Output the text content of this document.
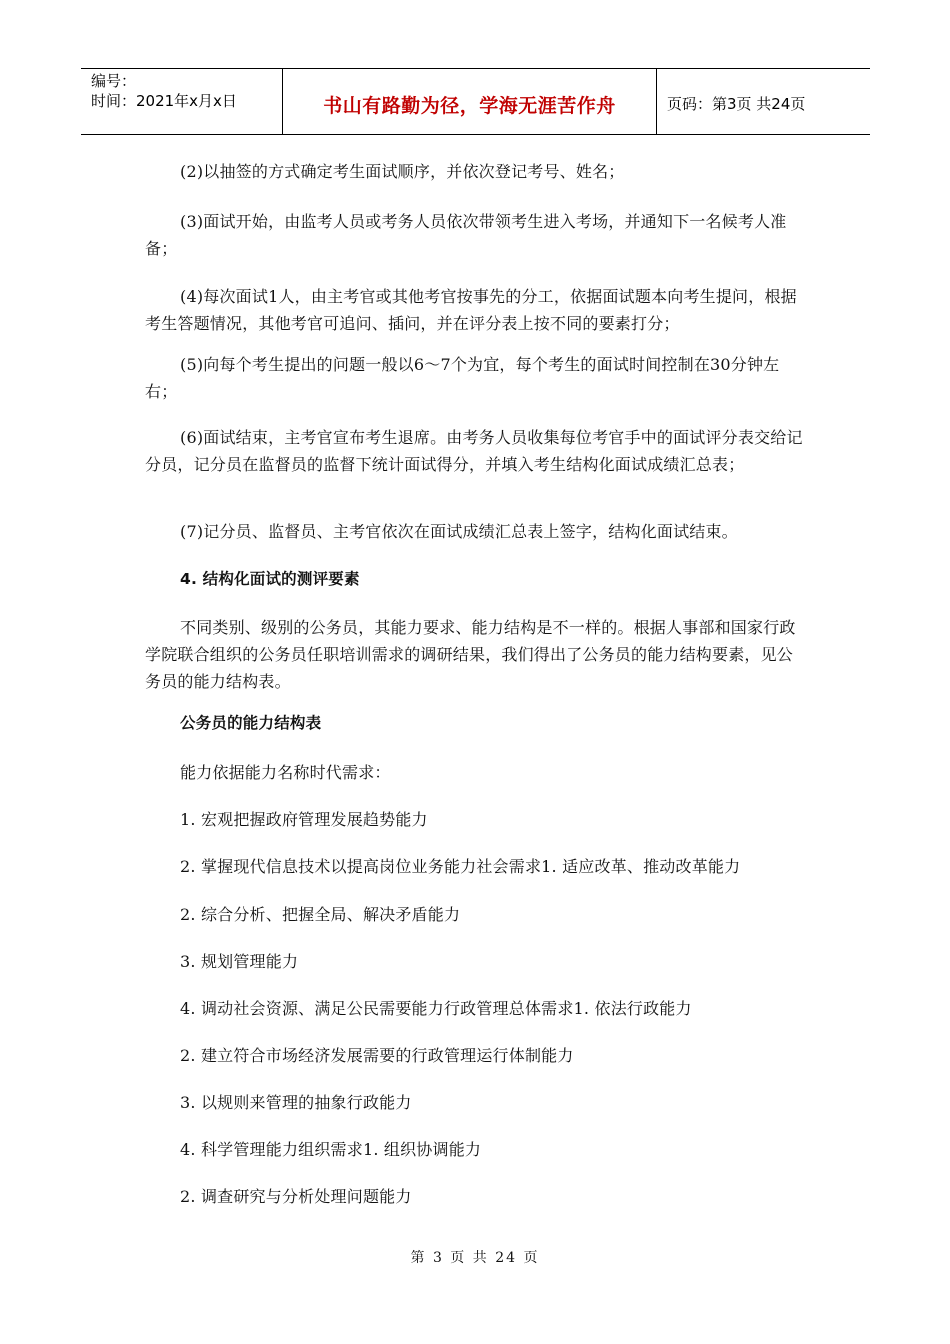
编号：
时间：2021年x月x日	书山有路勤为径，学海无涯苦作舟	页码：第3页 共24页
(2)以抽签的方式确定考生面试顺序，并依次登记考号、姓名；
(3)面试开始，由监考人员或考务人员依次带领考生进入考场，并通知下一名候考人准备；
(4)每次面试1人，由主考官或其他考官按事先的分工，依据面试题本向考生提问，根据考生答题情况，其他考官可追问、插问，并在评分表上按不同的要素打分；
(5)向每个考生提出的问题一般以6～7个为宜，每个考生的面试时间控制在30分钟左右；
(6)面试结束，主考官宣布考生退席。由考务人员收集每位考官手中的面试评分表交给记分员，记分员在监督员的监督下统计面试得分，并填入考生结构化面试成绩汇总表；
(7)记分员、监督员、主考官依次在面试成绩汇总表上签字，结构化面试结束。
4. 结构化面试的测评要素
不同类别、级别的公务员，其能力要求、能力结构是不一样的。根据人事部和国家行政学院联合组织的公务员任职培训需求的调研结果，我们得出了公务员的能力结构要素，见公务员的能力结构表。
公务员的能力结构表
能力依据能力名称时代需求：
1. 宏观把握政府管理发展趋势能力
2. 掌握现代信息技术以提高岗位业务能力社会需求1. 适应改革、推动改革能力
2. 综合分析、把握全局、解决矛盾能力
3. 规划管理能力
4. 调动社会资源、满足公民需要能力行政管理总体需求1. 依法行政能力
2. 建立符合市场经济发展需要的行政管理运行体制能力
3. 以规则来管理的抽象行政能力
4. 科学管理能力组织需求1. 组织协调能力
2. 调查研究与分析处理问题能力
第 3 页 共 24 页
